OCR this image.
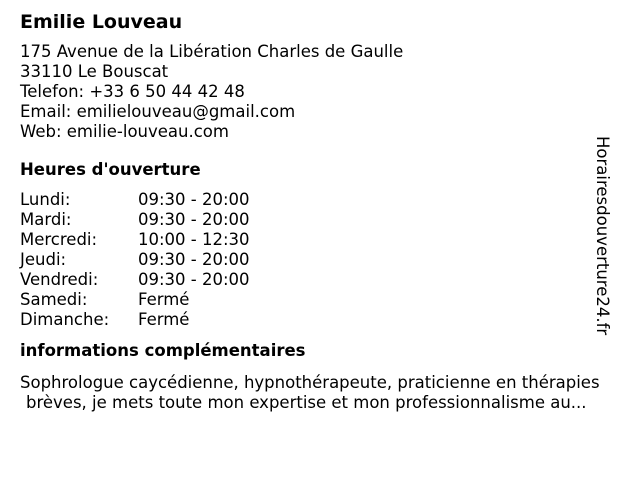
Emilie Louveau
175 Avenue de la Libération Charles de Gaulle
33110 Le Bouscat
Telefon: +33 6 50 44 42 48
Email: emilielouveau@gmail.com
Web: emilie-louveau.com
Heures d'ouverture
Lundi:	09:30 - 20:00
Mardi:	09:30 - 20:00
Mercredi:	10:00 - 12:30
Jeudi:	09:30 - 20:00
Vendredi:	09:30 - 20:00
Samedi:	Fermé
Dimanche:	Fermé
informations complémentaires
Sophrologue caycédienne, hypnothérapeute, praticienne en thérapies
brèves, je mets toute mon expertise et mon professionnalisme au...
Horairesdouverture24.fr
